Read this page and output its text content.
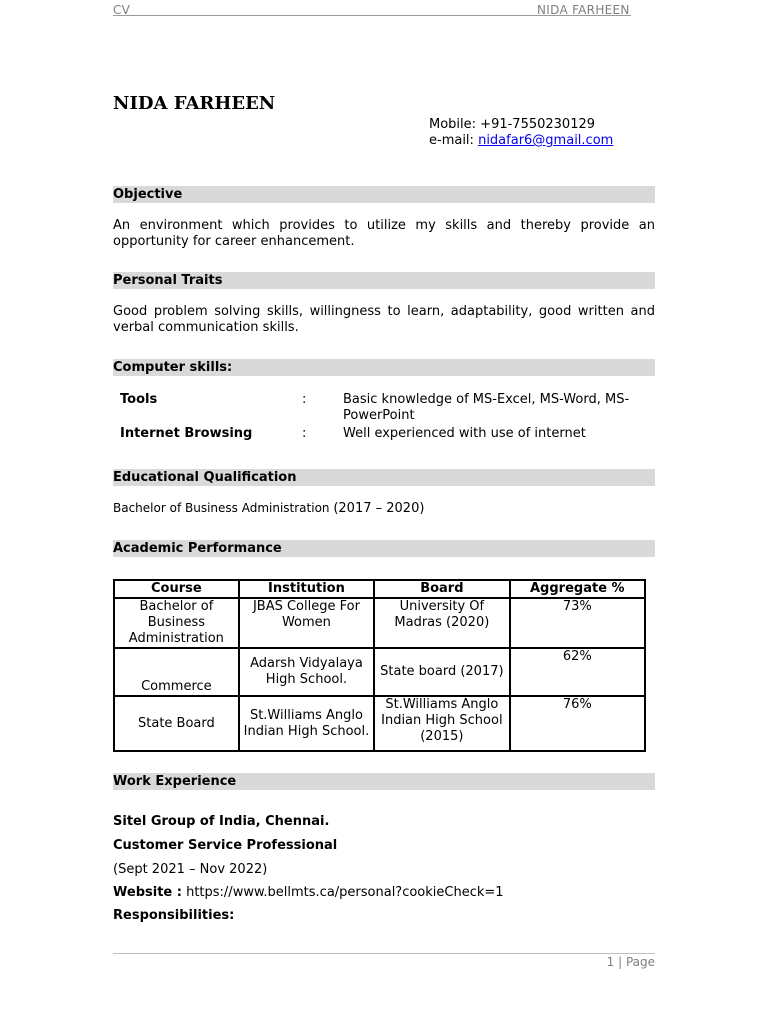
CV	NIDA FARHEEN
NIDA FARHEEN
Mobile: +91-7550230129
e-mail: nidafar6@gmail.com
Objective
An environment which provides to utilize my skills and thereby provide an opportunity for career enhancement.
Personal Traits
Good problem solving skills, willingness to learn, adaptability, good written and verbal communication skills.
Computer skills:
Tools	:	Basic knowledge of MS-Excel, MS-Word, MS-PowerPoint
Internet Browsing	:	Well experienced with use of internet
Educational Qualification
Bachelor of Business Administration (2017 – 2020)
Academic Performance
Course	Institution	Board	Aggregate %
Bachelor of Business Administration	JBAS College For Women	University Of Madras (2020)	73%
Commerce	Adarsh Vidyalaya High School.	State board (2017)	62%
State Board	St.Williams Anglo Indian High School.	St.Williams Anglo Indian High School (2015)	76%
Work Experience
Sitel Group of India, Chennai.
Customer Service Professional
(Sept 2021 – Nov 2022)
Website : https://www.bellmts.ca/personal?cookieCheck=1
Responsibilities:
1 | Page
